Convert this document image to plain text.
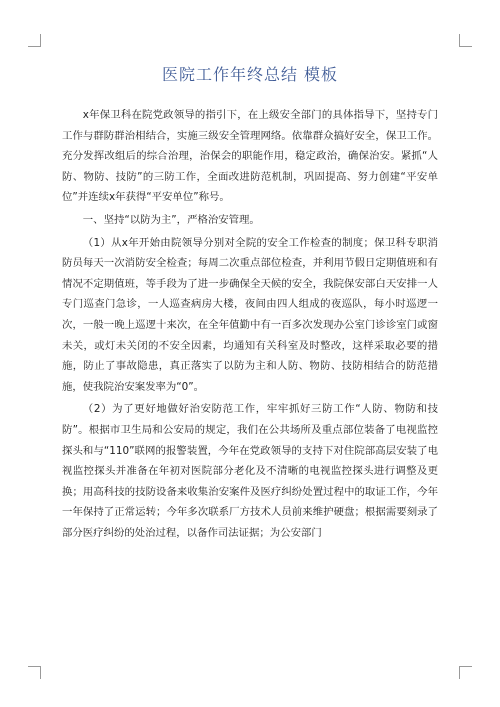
医院工作年终总结 模板

x年保卫科在院党政领导的指引下，在上级安全部门的具体指导下，坚持专门工作与群防群治相结合，实施三级安全管理网络。依靠群众搞好安全，保卫工作。充分发挥改组后的综合治理，治保会的职能作用，稳定政治，确保治安。紧抓“人防、物防、技防”的三防工作，全面改进防范机制，巩固提高、努力创建“平安单位”并连续x年获得“平安单位”称号。

一、坚持“以防为主”，严格治安管理。

（1）从x年开始由院领导分别对全院的安全工作检查的制度；保卫科专职消防员每天一次消防安全检查；每周二次重点部位检查，并利用节假日定期值班和有情况不定期值班，等手段为了进一步确保全天候的安全，我院保安部白天安排一人专门巡查门急诊，一人巡查病房大楼，夜间由四人组成的夜巡队，每小时巡逻一次，一般一晚上巡逻十来次，在全年值勤中有一百多次发现办公室门诊诊室门或窗未关，或灯未关闭的不安全因素，均通知有关科室及时整改，这样采取必要的措施，防止了事故隐患，真正落实了以防为主和人防、物防、技防相结合的防范措施，使我院治安案发率为“0”。

（2）为了更好地做好治安防范工作，牢牢抓好三防工作“人防、物防和技防”。根据市卫生局和公安局的规定，我们在公共场所及重点部位装备了电视监控探头和与“110”联网的报警装置，今年在党政领导的支持下对住院部高层安装了电视监控探头并准备在年初对医院部分老化及不清晰的电视监控探头进行调整及更换；用高科技的技防设备来收集治安案件及医疗纠纷处置过程中的取证工作，今年一年保持了正常运转；今年多次联系厂方技术人员前来维护硬盘；根据需要刻录了部分医疗纠纷的处治过程，以备作司法证据；为公安部门
